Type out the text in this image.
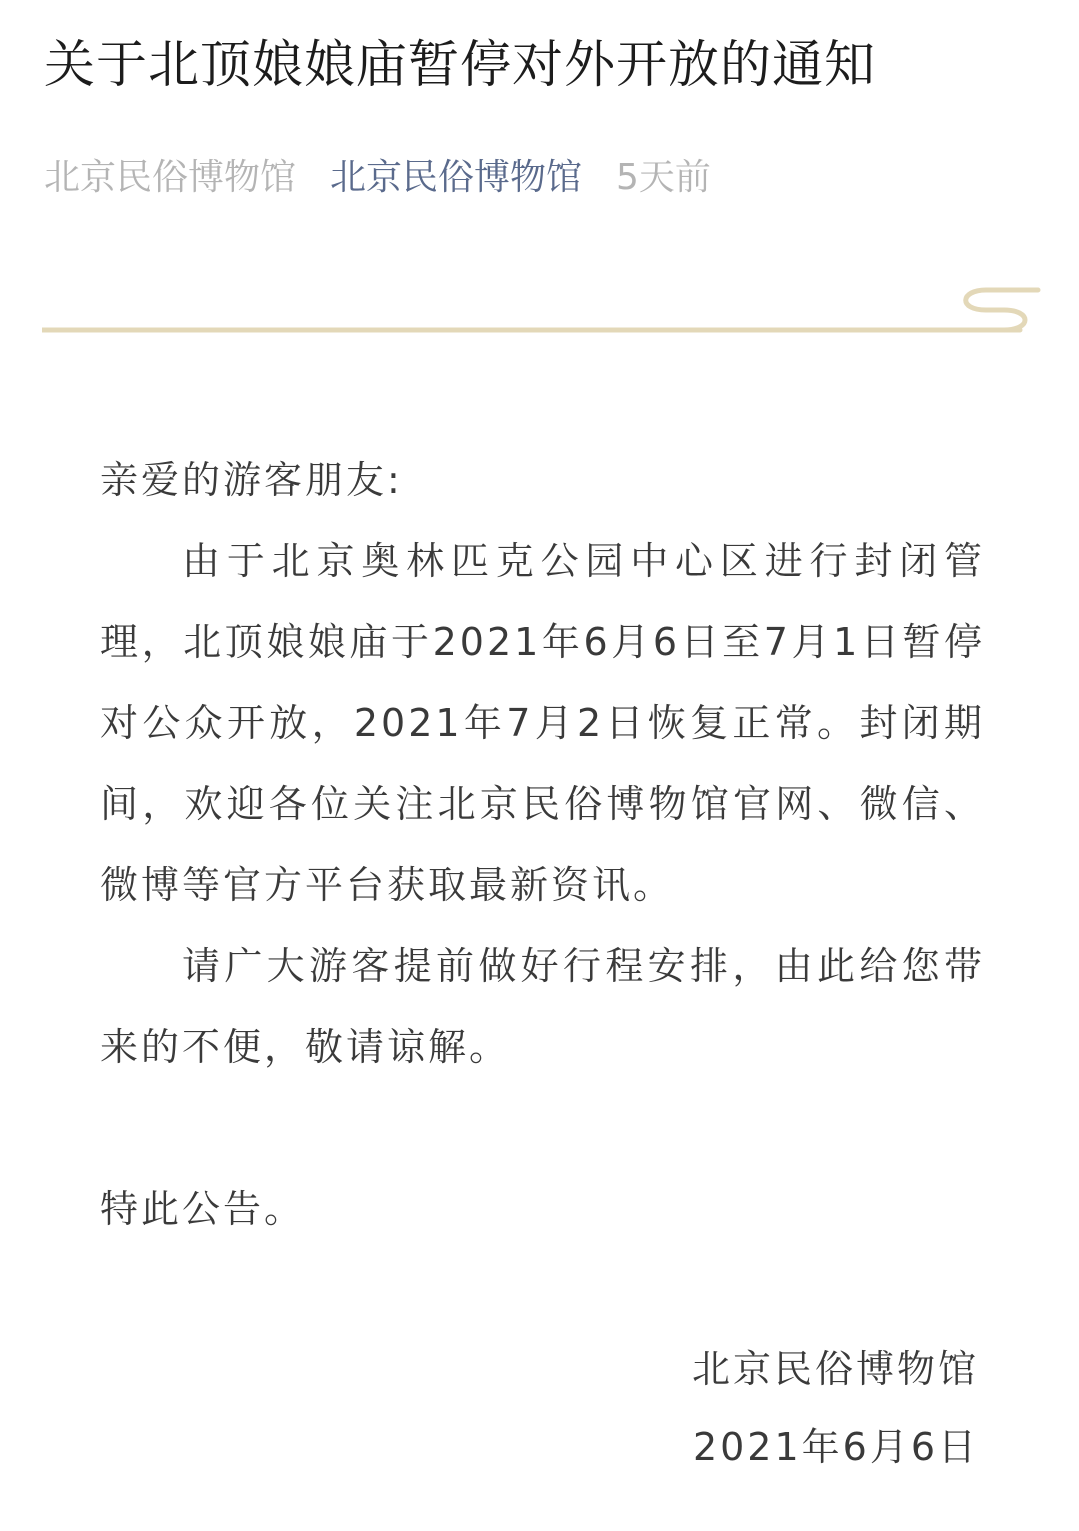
关于北顶娘娘庙暂停对外开放的通知
北京民俗博物馆 北京民俗博物馆 5天前

亲爱的游客朋友:

由于北京奥林匹克公园中心区进行封闭管理，北顶娘娘庙于2021年6月6日至7月1日暂停对公众开放，2021年7月2日恢复正常。封闭期间，欢迎各位关注北京民俗博物馆官网、微信、微博等官方平台获取最新资讯。

请广大游客提前做好行程安排，由此给您带来的不便，敬请谅解。

特此公告。

北京民俗博物馆

2021年6月6日
